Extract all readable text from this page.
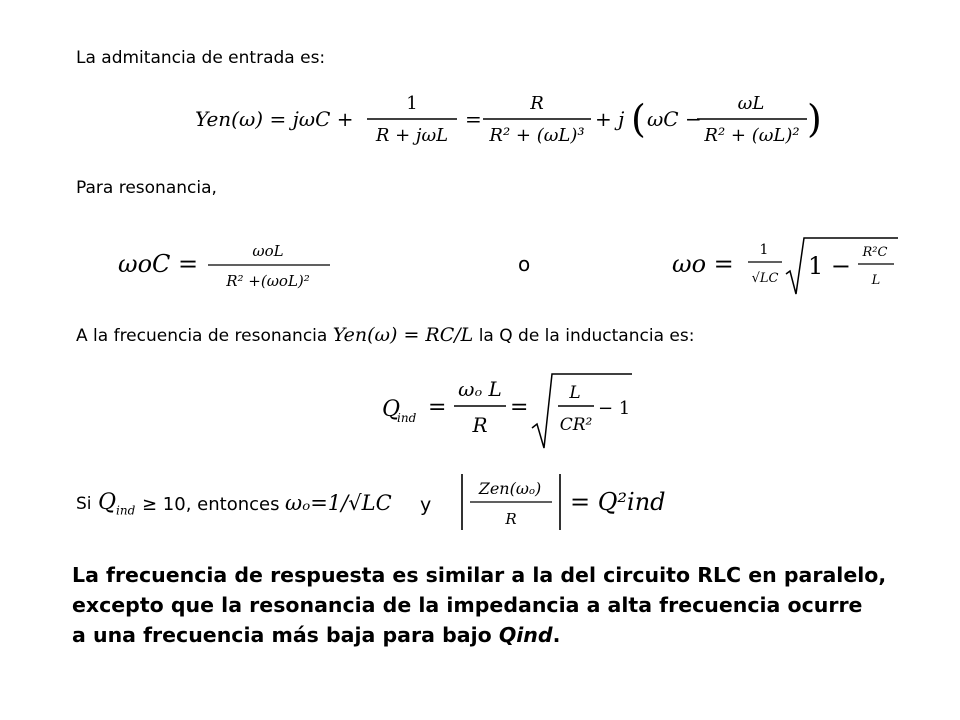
La admitancia de entrada es:
Para resonancia,
Yen(ω) = jωC +
1
R + jωL
=
R
R² + (ωL)³
+ j ( ωC −
ωL
R² + (ωL)² )
ωoC =	ωoL
R² +(ωoL)²
o	ωo = 1
√LC 1 − R²C
L
A la frecuencia de resonancia Yen(ω) = RC/L la Q de la inductancia es:
Q
ind =
ωₒ L
R
=
L
CR²
− 1
Si $Q_{ind} \ge 10$, entonces ωₒ=1/√LC y
Zen(ωₒ)
R
= Q²ind

La frecuencia de respuesta es similar a la del circuito RLC en paralelo,

excepto que la resonancia de la impedancia a alta frecuencia ocurre

a una frecuencia más baja para bajo Qind.
